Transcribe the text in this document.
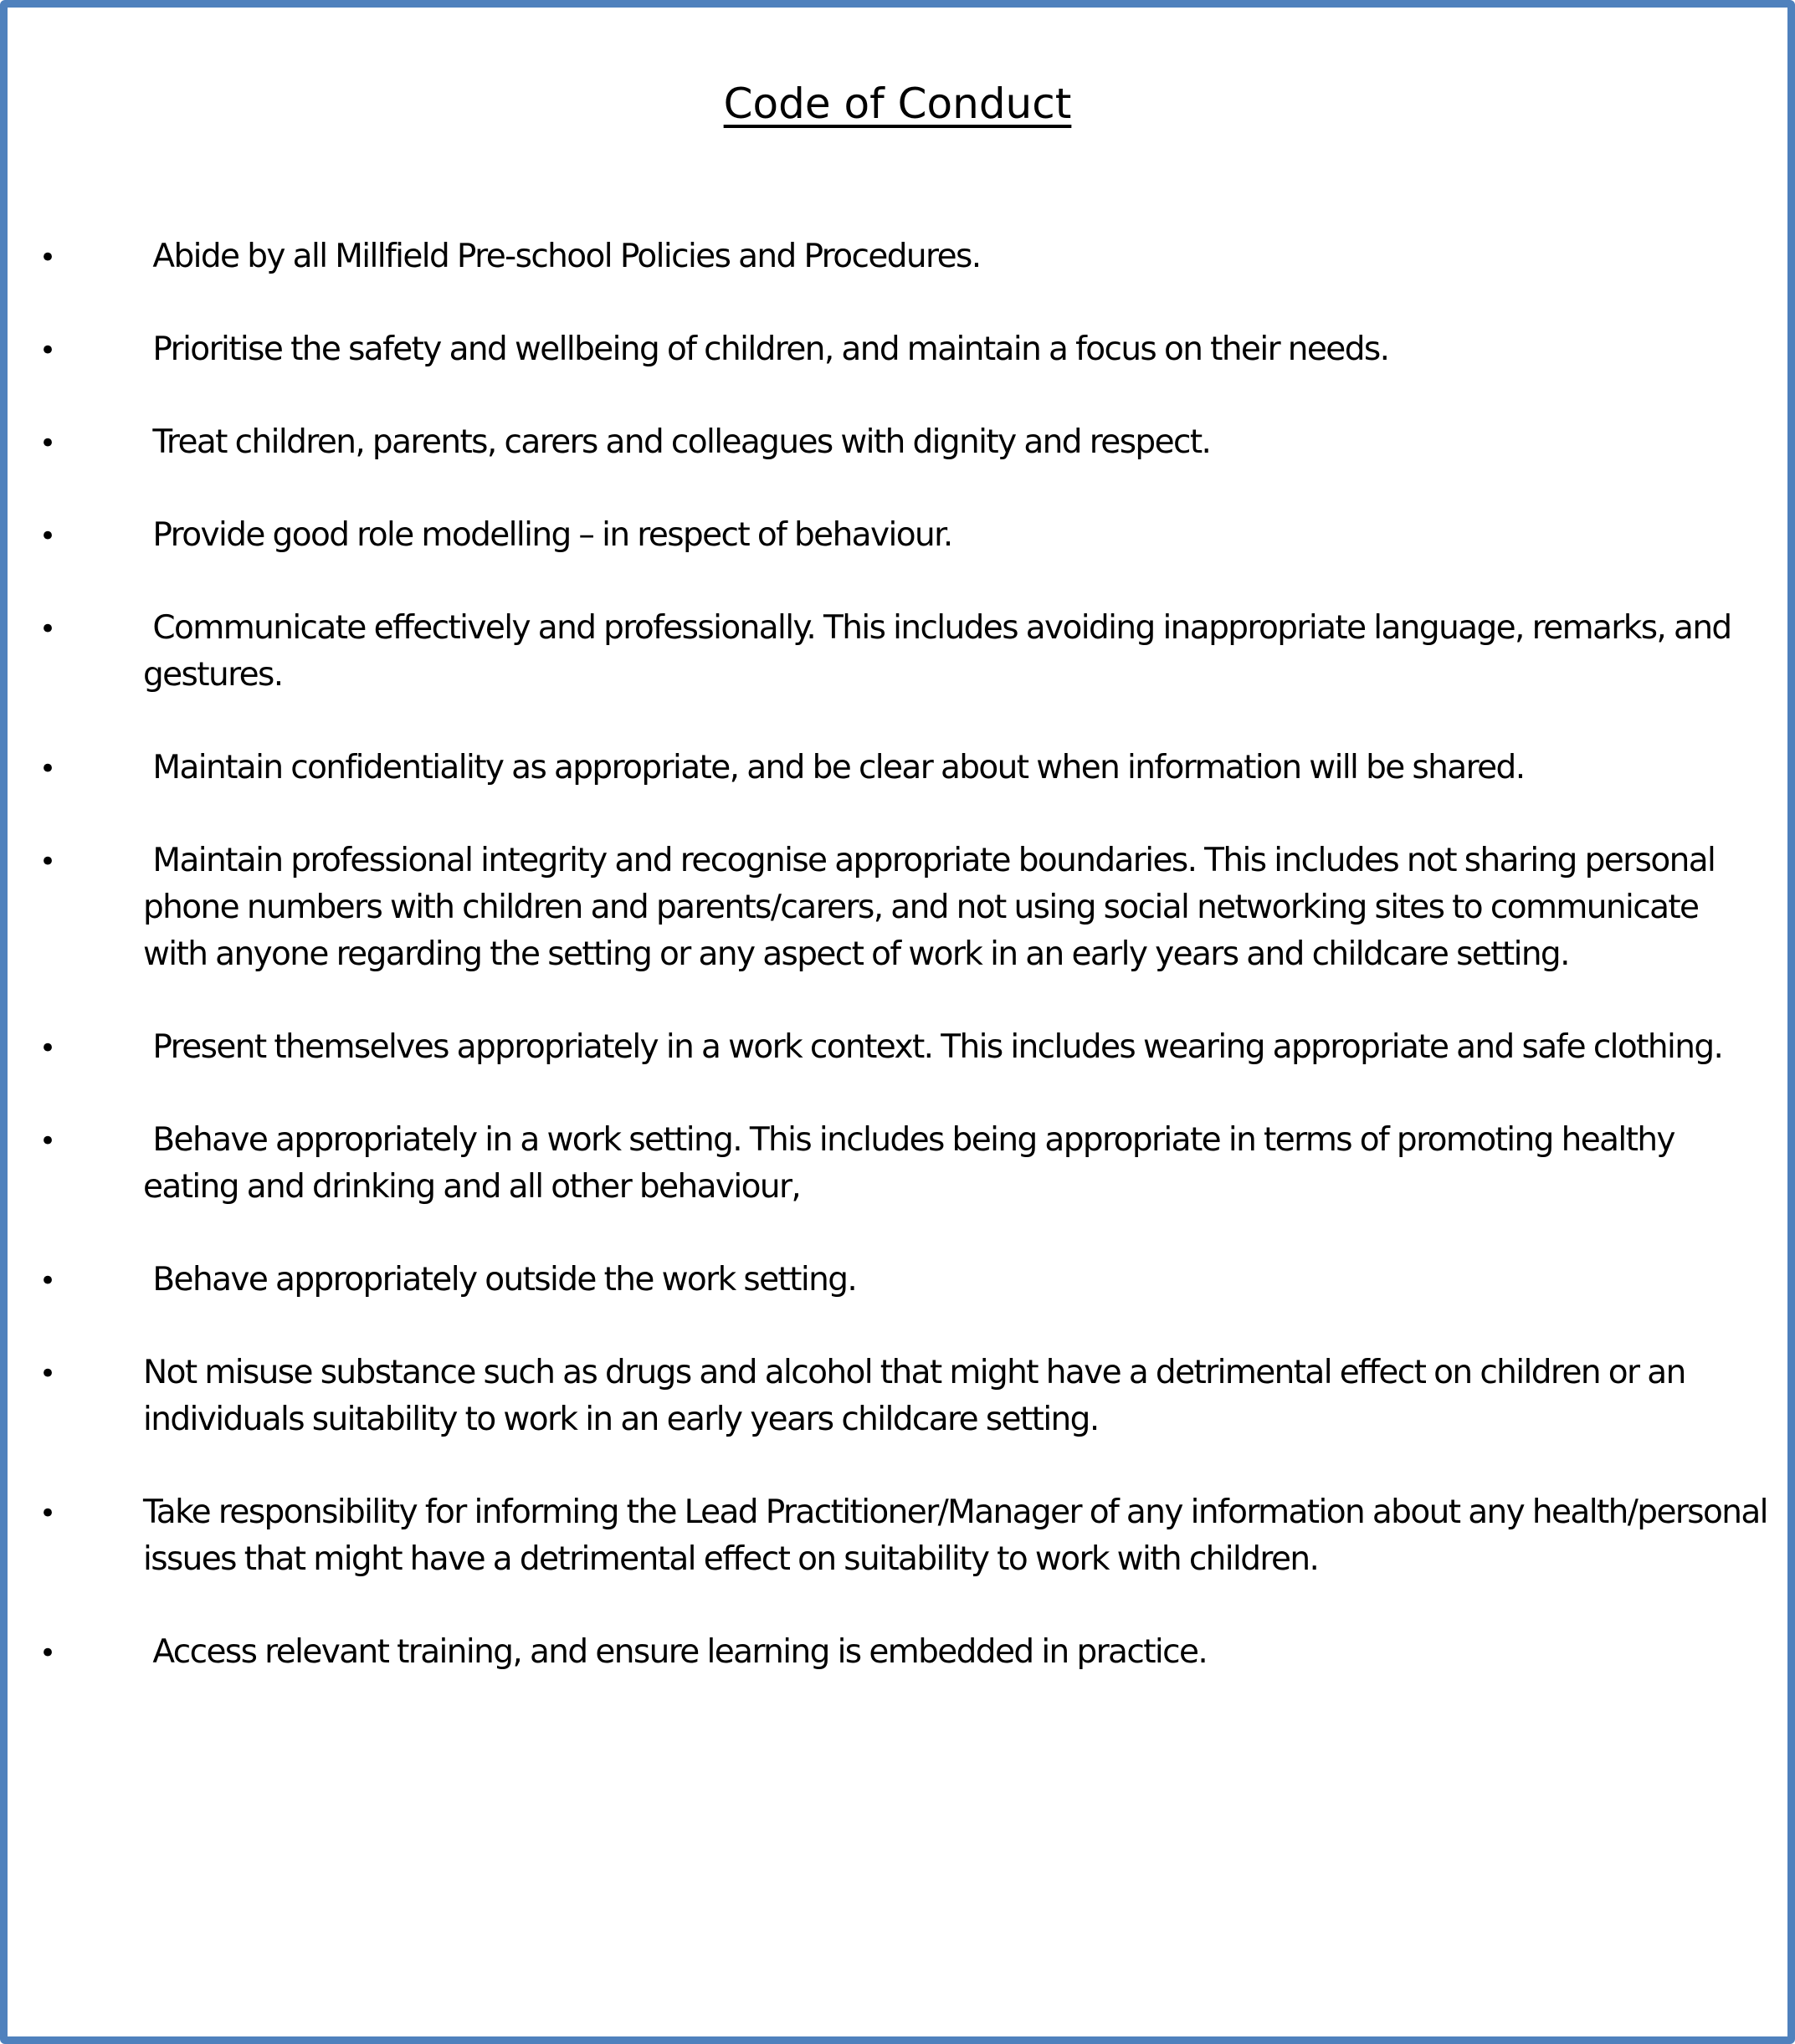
Code of Conduct
•	Abide by all Millfield Pre-school Policies and Procedures.
•	Prioritise the safety and wellbeing of children, and maintain a focus on their needs.
•	Treat children, parents, carers and colleagues with dignity and respect.
•	Provide good role modelling – in respect of behaviour.
•	Communicate effectively and professionally. This includes avoiding inappropriate language, remarks, and gestures.
•	Maintain confidentiality as appropriate, and be clear about when information will be shared.
•	Maintain professional integrity and recognise appropriate boundaries. This includes not sharing personal phone numbers with children and parents/carers, and not using social networking sites to communicate with anyone regarding the setting or any aspect of work in an early years and childcare setting.
•	Present themselves appropriately in a work context. This includes wearing appropriate and safe clothing.
•	Behave appropriately in a work setting. This includes being appropriate in terms of promoting healthy eating and drinking and all other behaviour,
•	Behave appropriately outside the work setting.
•	Not misuse substance such as drugs and alcohol that might have a detrimental effect on children or an individuals suitability to work in an early years childcare setting.
•	Take responsibility for informing the Lead Practitioner/Manager of any information about any health/personal issues that might have a detrimental effect on suitability to work with children.
•	Access relevant training, and ensure learning is embedded in practice.
